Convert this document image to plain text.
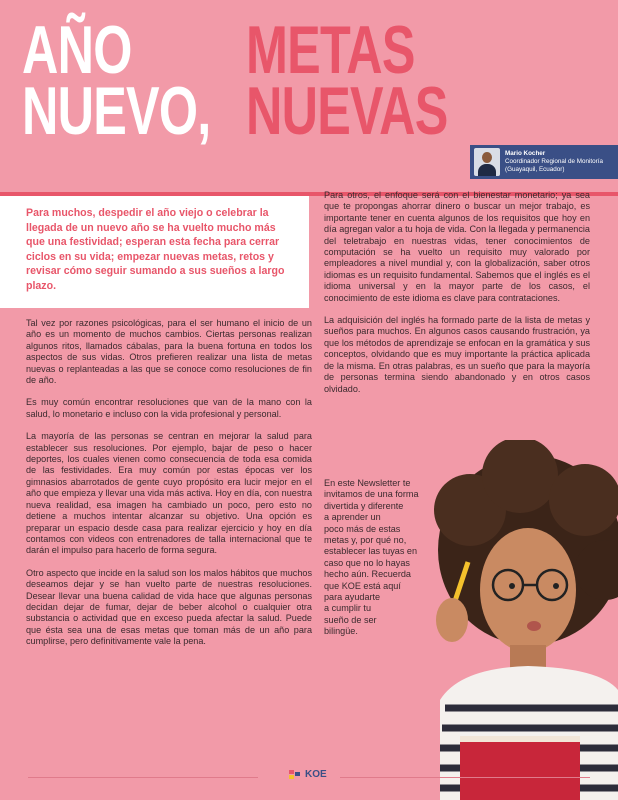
AÑO
NUEVO,
METAS
NUEVAS
Mario Kocher
Coordinador Regional de Monitoría
(Guayaquil, Ecuador)

Para muchos, despedir el año viejo o celebrar la llegada de un nuevo año se ha vuelto mucho más que una festividad; esperan esta fecha para cerrar ciclos en su vida; empezar nuevas metas, retos y revisar cómo seguir sumando a sus sueños a largo plazo.

Tal vez por razones psicológicas, para el ser humano el inicio de un año es un momento de muchos cambios. Ciertas personas realizan algunos ritos, llamados cábalas, para la buena fortuna en todos los aspectos de sus vidas. Otros prefieren realizar una lista de metas nuevas o replanteadas a las que se conoce como resoluciones de fin de año.

Es muy común encontrar resoluciones que van de la mano con la salud, lo monetario e incluso con la vida profesional y personal.

La mayoría de las personas se centran en mejorar la salud para establecer sus resoluciones. Por ejemplo, bajar de peso o hacer deportes, los cuales vienen como consecuencia de toda esa comida de las festividades. Era muy común por estas épocas ver los gimnasios abarrotados de gente cuyo propósito era lucir mejor en el año que empieza y llevar una vida más activa. Hoy en día, con nuestra nueva realidad, esa imagen ha cambiado un poco, pero esto no detiene a muchos intentar alcanzar su objetivo. Una opción es preparar un espacio desde casa para realizar ejercicio y hoy en día contamos con videos con entrenadores de talla internacional que te darán el impulso para hacerlo de forma segura.

Otro aspecto que incide en la salud son los malos hábitos que muchos deseamos dejar y se han vuelto parte de nuestras resoluciones. Desear llevar una buena calidad de vida hace que algunas personas decidan dejar de fumar, dejar de beber alcohol o cualquier otra substancia o actividad que en exceso pueda afectar la salud. Puede que ésta sea una de esas metas que toman más de un año para cumplirse, pero definitivamente vale la pena.

Para otros, el enfoque será con el bienestar monetario; ya sea que te propongas ahorrar dinero o buscar un mejor trabajo, es importante tener en cuenta algunos de los requisitos que hoy en día agregan valor a tu hoja de vida. Con la llegada y permanencia del teletrabajo en nuestras vidas, tener conocimientos de computación se ha vuelto un requisito muy valorado por empleadores a nivel mundial y, con la globalización, saber otros idiomas es un requisito fundamental. Sabemos que el inglés es el idioma universal y en la mayor parte de los casos, el conocimiento de este idioma es clave para contrataciones.

La adquisición del inglés ha formado parte de la lista de metas y sueños para muchos. En algunos casos causando frustración, ya que los métodos de aprendizaje se enfocan en la gramática y sus conceptos, olvidando que es muy importante la práctica aplicada de la misma. En otras palabras, es un sueño que para la mayoría de personas termina siendo abandonado y en otros casos olvidado.

En este Newsletter te

invitamos de una forma

divertida y diferente

a aprender un

poco más de estas

metas y, por qué no,

establecer las tuyas en

caso que no lo hayas

hecho aún. Recuerda

que KOE está aquí

para ayudarte

a cumplir tu

sueño de ser

bilingüe.

KOE
